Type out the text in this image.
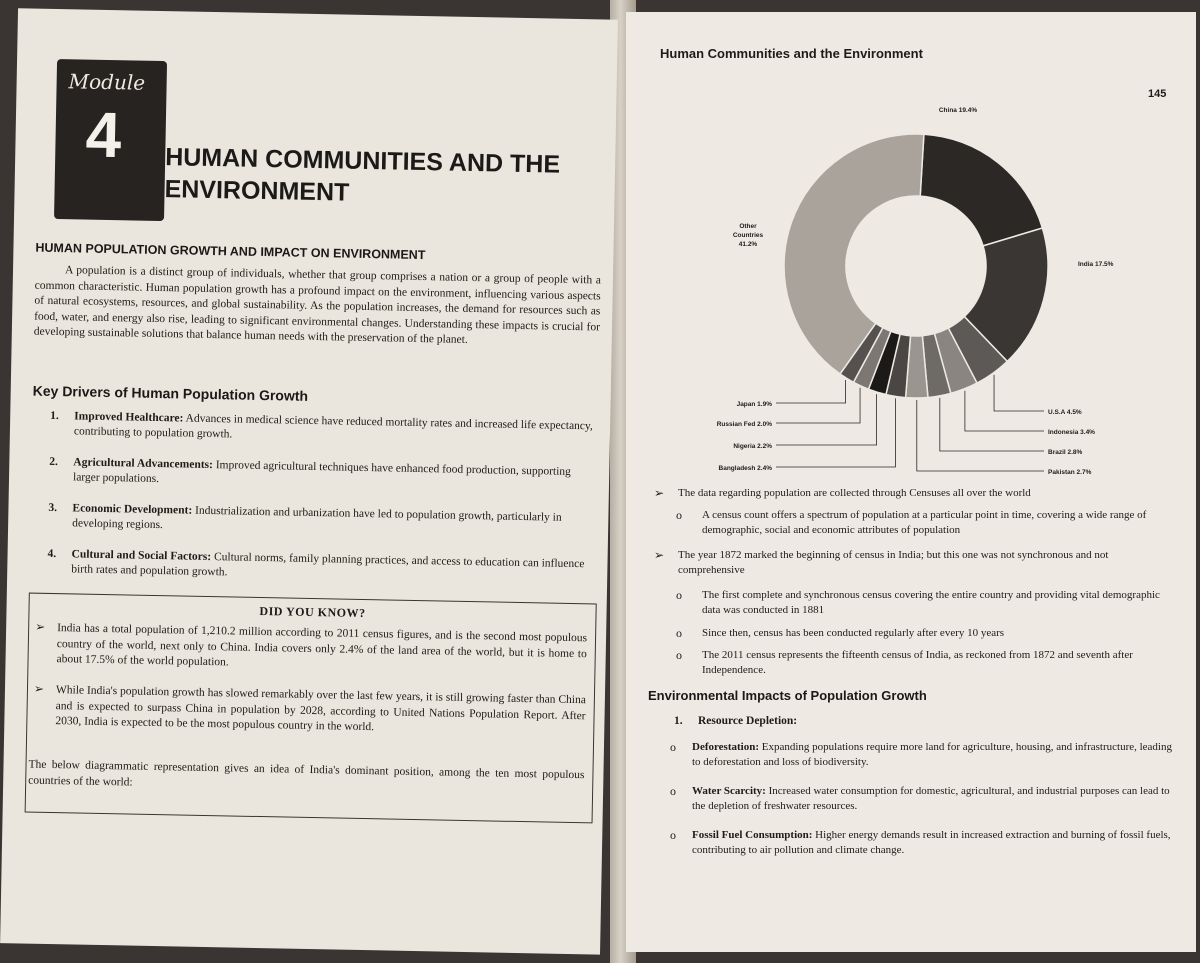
Module
4 HUMAN COMMUNITIES AND THE
ENVIRONMENT
HUMAN POPULATION GROWTH AND IMPACT ON ENVIRONMENT
A population is a distinct group of individuals, whether that group comprises a nation or a group of people with a common characteristic. Human population growth has a profound impact on the environment, influencing various aspects of natural ecosystems, resources, and global sustainability. As the population increases, the demand for resources such as food, water, and energy also rise, leading to significant environmental changes. Understanding these impacts is crucial for developing sustainable solutions that balance human needs with the preservation of the planet.
Key Drivers of Human Population Growth
1. Improved Healthcare: Advances in medical science have reduced mortality rates and increased life expectancy, contributing to population growth.
2. Agricultural Advancements: Improved agricultural techniques have enhanced food production, supporting larger populations.
3. Economic Development: Industrialization and urbanization have led to population growth, particularly in developing regions.
4. Cultural and Social Factors: Cultural norms, family planning practices, and access to education can influence birth rates and population growth.
DID YOU KNOW?
➢ India has a total population of 1,210.2 million according to 2011 census figures, and is the second most populous country of the world, next only to China. India covers only 2.4% of the land area of the world, but it is home to about 17.5% of the world population.
➢ While India's population growth has slowed remarkably over the last few years, it is still growing faster than China and is expected to surpass China in population by 2028, according to United Nations Population Report. After 2030, India is expected to be the most populous country in the world.
The below diagrammatic representation gives an idea of India's dominant position, among the ten most populous countries of the world:
Human Communities and the Environment
145
China 19.4%
India 17.5%
U.S.A 4.5%
Indonesia 3.4%
Brazil 2.8%
Pakistan 2.7%
Bangladesh 2.4%
Nigeria 2.2%
Russian Fed 2.0%
Japan 1.9%
Other Countries 41.2%
➢ The data regarding population are collected through Censuses all over the world
o A census count offers a spectrum of population at a particular point in time, covering a wide range of demographic, social and economic attributes of population
➢ The year 1872 marked the beginning of census in India; but this one was not synchronous and not comprehensive
o The first complete and synchronous census covering the entire country and providing vital demographic data was conducted in 1881
o Since then, census has been conducted regularly after every 10 years
o The 2011 census represents the fifteenth census of India, as reckoned from 1872 and seventh after Independence.
Environmental Impacts of Population Growth
1. Resource Depletion:
o Deforestation: Expanding populations require more land for agriculture, housing, and infrastructure, leading to deforestation and loss of biodiversity.
o Water Scarcity: Increased water consumption for domestic, agricultural, and industrial purposes can lead to the depletion of freshwater resources.
o Fossil Fuel Consumption: Higher energy demands result in increased extraction and burning of fossil fuels, contributing to air pollution and climate change.
